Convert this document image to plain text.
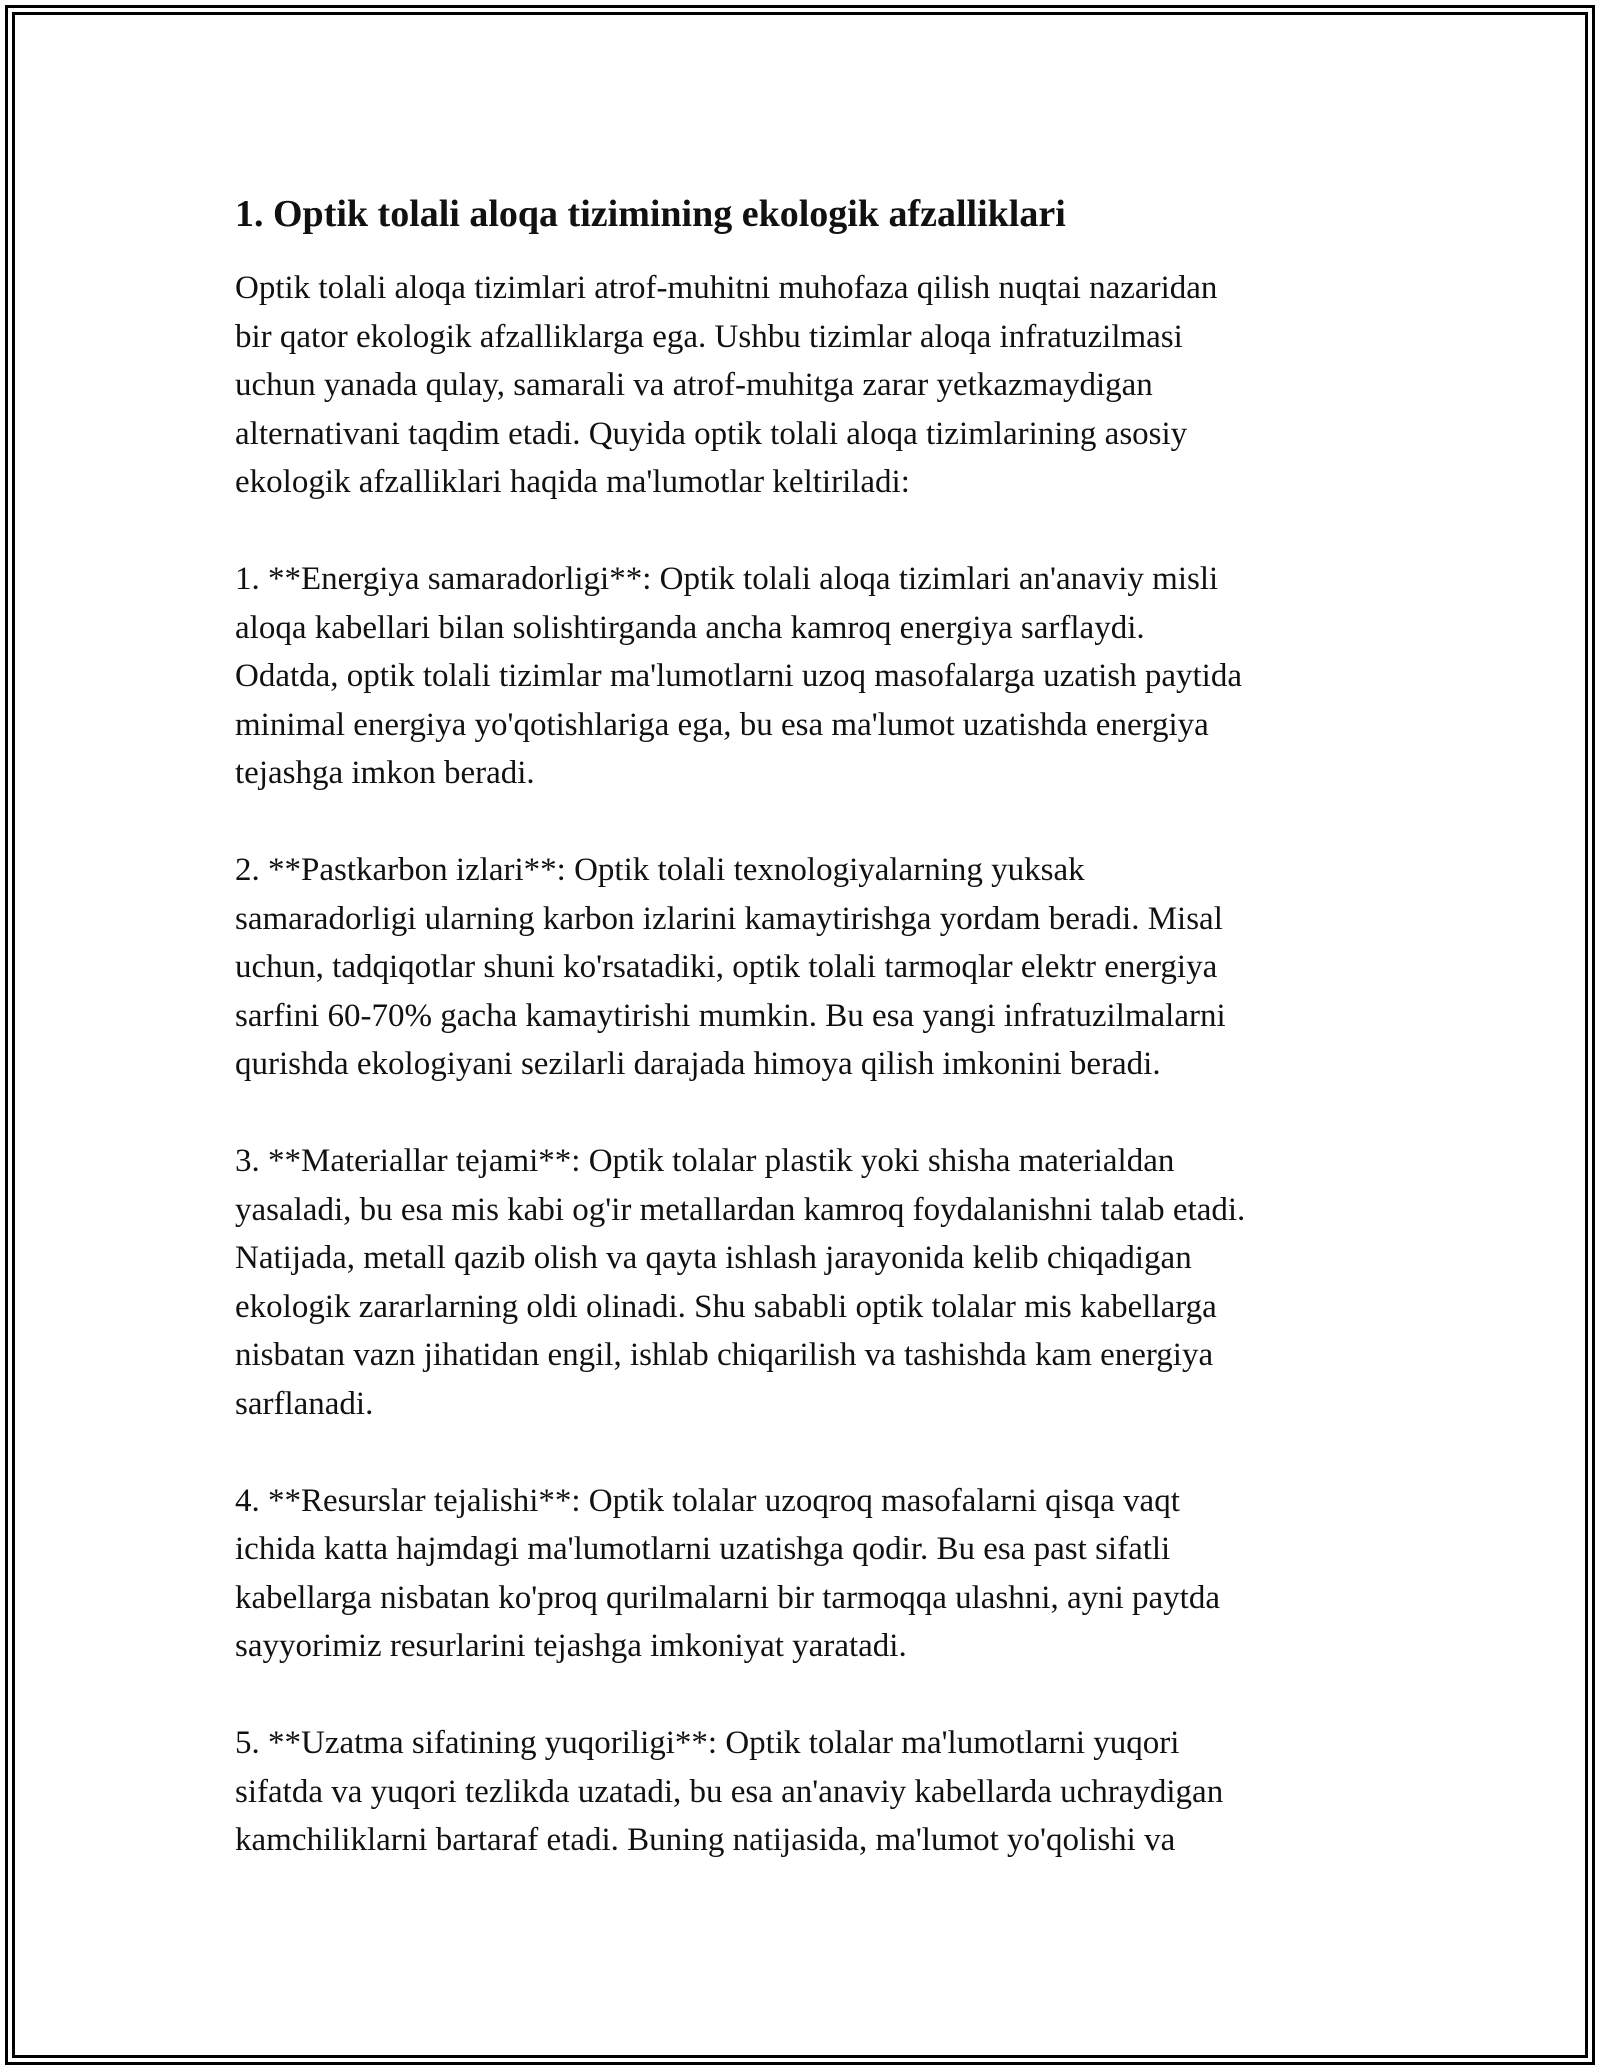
1. Optik tolali aloqa tizimining ekologik afzalliklari

Optik tolali aloqa tizimlari atrof-muhitni muhofaza qilish nuqtai nazaridan
bir qator ekologik afzalliklarga ega. Ushbu tizimlar aloqa infratuzilmasi
uchun yanada qulay, samarali va atrof-muhitga zarar yetkazmaydigan
alternativani taqdim etadi. Quyida optik tolali aloqa tizimlarining asosiy
ekologik afzalliklari haqida ma'lumotlar keltiriladi:

1. **Energiya samaradorligi**: Optik tolali aloqa tizimlari an'anaviy misli
aloqa kabellari bilan solishtirganda ancha kamroq energiya sarflaydi.
Odatda, optik tolali tizimlar ma'lumotlarni uzoq masofalarga uzatish paytida
minimal energiya yo'qotishlariga ega, bu esa ma'lumot uzatishda energiya
tejashga imkon beradi.

2. **Pastkarbon izlari**: Optik tolali texnologiyalarning yuksak
samaradorligi ularning karbon izlarini kamaytirishga yordam beradi. Misal
uchun, tadqiqotlar shuni ko'rsatadiki, optik tolali tarmoqlar elektr energiya
sarfini 60-70% gacha kamaytirishi mumkin. Bu esa yangi infratuzilmalarni
qurishda ekologiyani sezilarli darajada himoya qilish imkonini beradi.

3. **Materiallar tejami**: Optik tolalar plastik yoki shisha materialdan
yasaladi, bu esa mis kabi og'ir metallardan kamroq foydalanishni talab etadi.
Natijada, metall qazib olish va qayta ishlash jarayonida kelib chiqadigan
ekologik zararlarning oldi olinadi. Shu sababli optik tolalar mis kabellarga
nisbatan vazn jihatidan engil, ishlab chiqarilish va tashishda kam energiya
sarflanadi.

4. **Resurslar tejalishi**: Optik tolalar uzoqroq masofalarni qisqa vaqt
ichida katta hajmdagi ma'lumotlarni uzatishga qodir. Bu esa past sifatli
kabellarga nisbatan ko'proq qurilmalarni bir tarmoqqa ulashni, ayni paytda
sayyorimiz resurlarini tejashga imkoniyat yaratadi.

5. **Uzatma sifatining yuqoriligi**: Optik tolalar ma'lumotlarni yuqori
sifatda va yuqori tezlikda uzatadi, bu esa an'anaviy kabellarda uchraydigan
kamchiliklarni bartaraf etadi. Buning natijasida, ma'lumot yo'qolishi va
